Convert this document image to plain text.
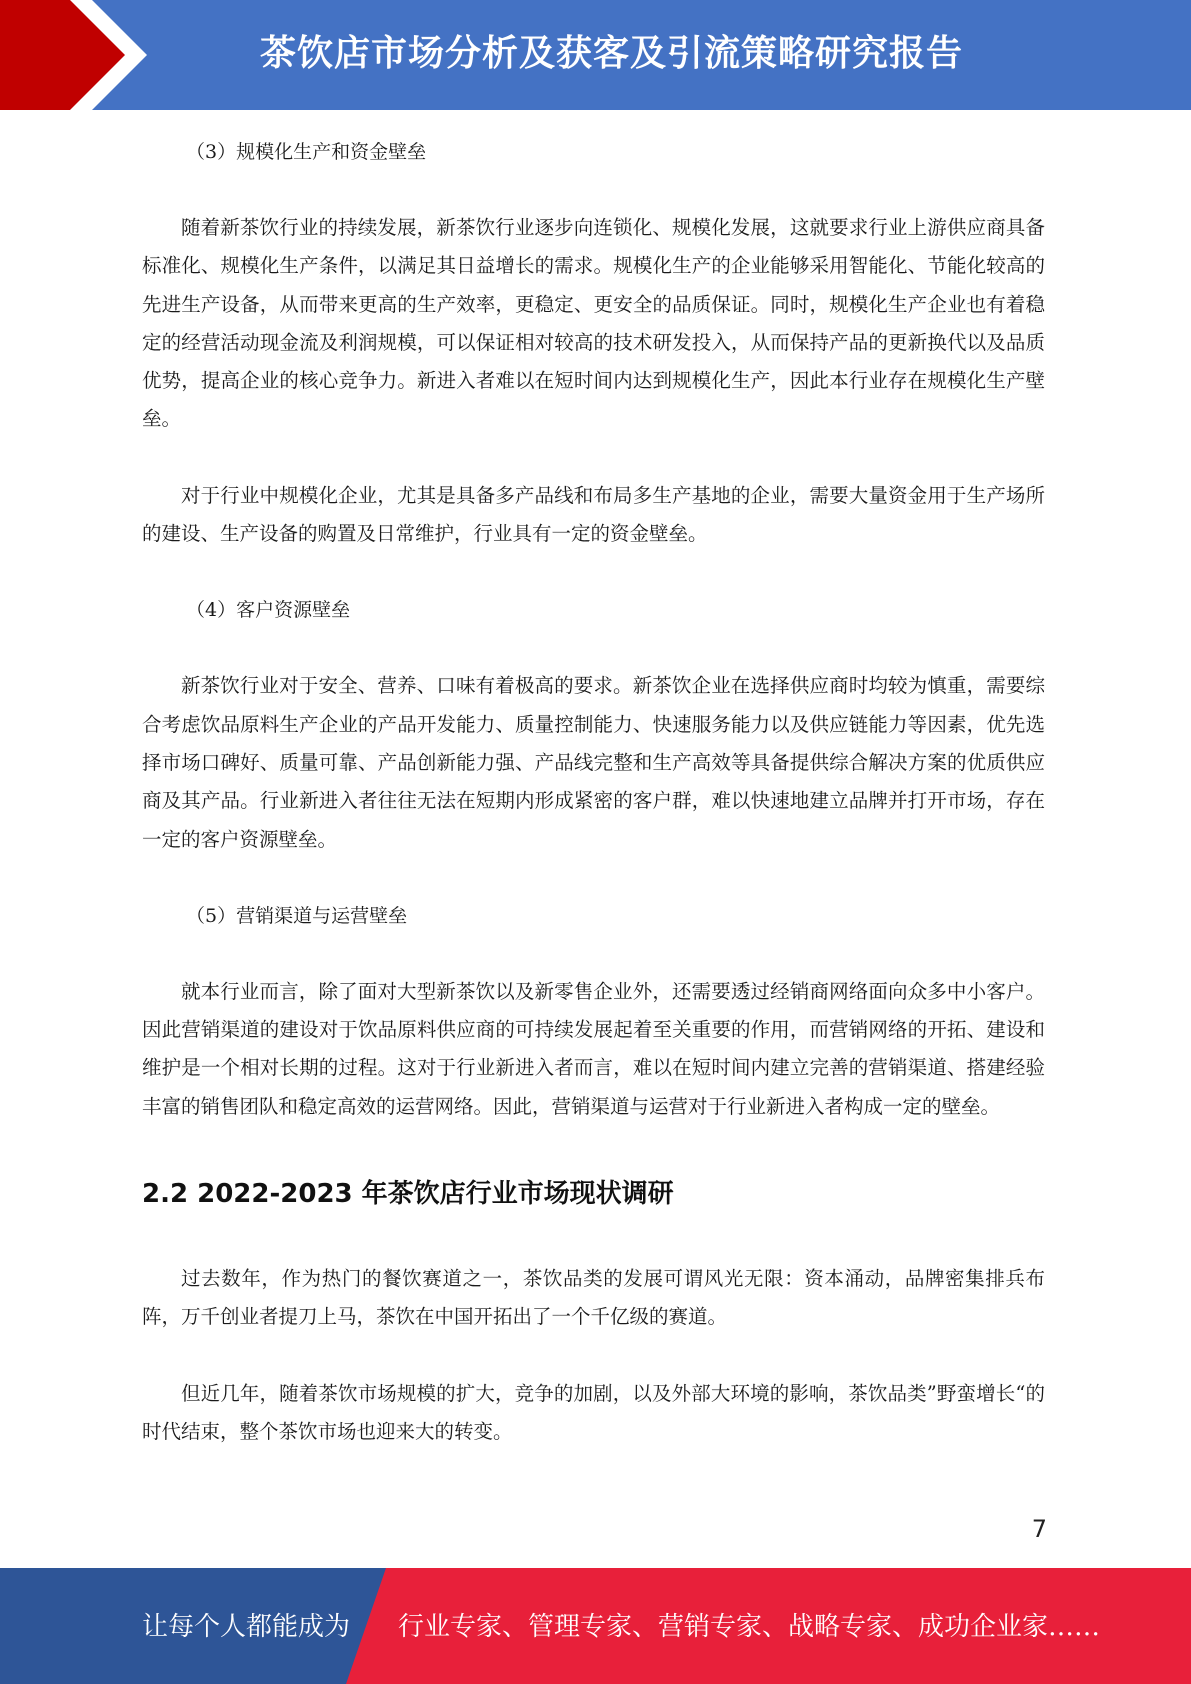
茶饮店市场分析及获客及引流策略研究报告

（3）规模化生产和资金壁垒

随着新茶饮行业的持续发展，新茶饮行业逐步向连锁化、规模化发展，这就要求行业上游供应商具备标准化、规模化生产条件，以满足其日益增长的需求。规模化生产的企业能够采用智能化、节能化较高的先进生产设备，从而带来更高的生产效率，更稳定、更安全的品质保证。同时，规模化生产企业也有着稳定的经营活动现金流及利润规模，可以保证相对较高的技术研发投入，从而保持产品的更新换代以及品质优势，提高企业的核心竞争力。新进入者难以在短时间内达到规模化生产，因此本行业存在规模化生产壁垒。

对于行业中规模化企业，尤其是具备多产品线和布局多生产基地的企业，需要大量资金用于生产场所的建设、生产设备的购置及日常维护，行业具有一定的资金壁垒。

（4）客户资源壁垒

新茶饮行业对于安全、营养、口味有着极高的要求。新茶饮企业在选择供应商时均较为慎重，需要综合考虑饮品原料生产企业的产品开发能力、质量控制能力、快速服务能力以及供应链能力等因素，优先选择市场口碑好、质量可靠、产品创新能力强、产品线完整和生产高效等具备提供综合解决方案的优质供应商及其产品。行业新进入者往往无法在短期内形成紧密的客户群，难以快速地建立品牌并打开市场，存在一定的客户资源壁垒。

（5）营销渠道与运营壁垒

就本行业而言，除了面对大型新茶饮以及新零售企业外，还需要透过经销商网络面向众多中小客户。因此营销渠道的建设对于饮品原料供应商的可持续发展起着至关重要的作用，而营销网络的开拓、建设和维护是一个相对长期的过程。这对于行业新进入者而言，难以在短时间内建立完善的营销渠道、搭建经验丰富的销售团队和稳定高效的运营网络。因此，营销渠道与运营对于行业新进入者构成一定的壁垒。

2.2 2022-2023 年茶饮店行业市场现状调研

过去数年，作为热门的餐饮赛道之一，茶饮品类的发展可谓风光无限：资本涌动，品牌密集排兵布阵，万千创业者提刀上马，茶饮在中国开拓出了一个千亿级的赛道。

但近几年，随着茶饮市场规模的扩大，竞争的加剧，以及外部大环境的影响，茶饮品类”野蛮增长“的时代结束，整个茶饮市场也迎来大的转变。

7
让每个人都能成为 行业专家、管理专家、营销专家、战略专家、成功企业家……
